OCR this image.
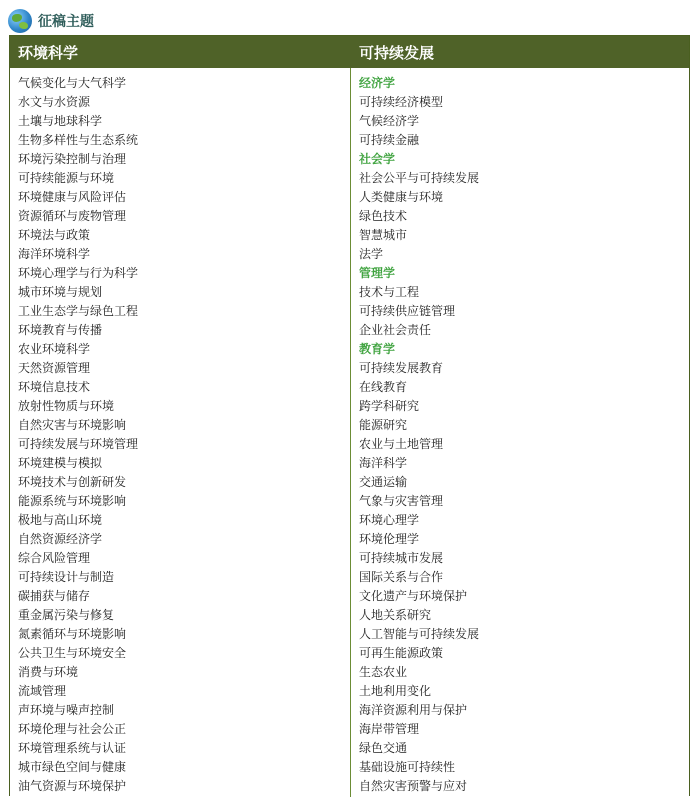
征稿主题
环境科学	可持续发展
气候变化与大气科学
水文与水资源
土壤与地球科学
生物多样性与生态系统
环境污染控制与治理
可持续能源与环境
环境健康与风险评估
资源循环与废物管理
环境法与政策
海洋环境科学
环境心理学与行为科学
城市环境与规划
工业生态学与绿色工程
环境教育与传播
农业环境科学
天然资源管理
环境信息技术
放射性物质与环境
自然灾害与环境影响
可持续发展与环境管理
环境建模与模拟
环境技术与创新研发
能源系统与环境影响
极地与高山环境
自然资源经济学
综合风险管理
可持续设计与制造
碳捕获与储存
重金属污染与修复
氮素循环与环境影响
公共卫生与环境安全
消费与环境
流域管理
声环境与噪声控制
环境伦理与社会公正
环境管理系统与认证
城市绿色空间与健康
油气资源与环境保护
经济学
可持续经济模型
气候经济学
可持续金融
社会学
社会公平与可持续发展
人类健康与环境
绿色技术
智慧城市
法学
管理学
技术与工程
可持续供应链管理
企业社会责任
教育学
可持续发展教育
在线教育
跨学科研究
能源研究
农业与土地管理
海洋科学
交通运输
气象与灾害管理
环境心理学
环境伦理学
可持续城市发展
国际关系与合作
文化遗产与环境保护
人地关系研究
人工智能与可持续发展
可再生能源政策
生态农业
土地利用变化
海洋资源利用与保护
海岸带管理
绿色交通
基础设施可持续性
自然灾害预警与应对
